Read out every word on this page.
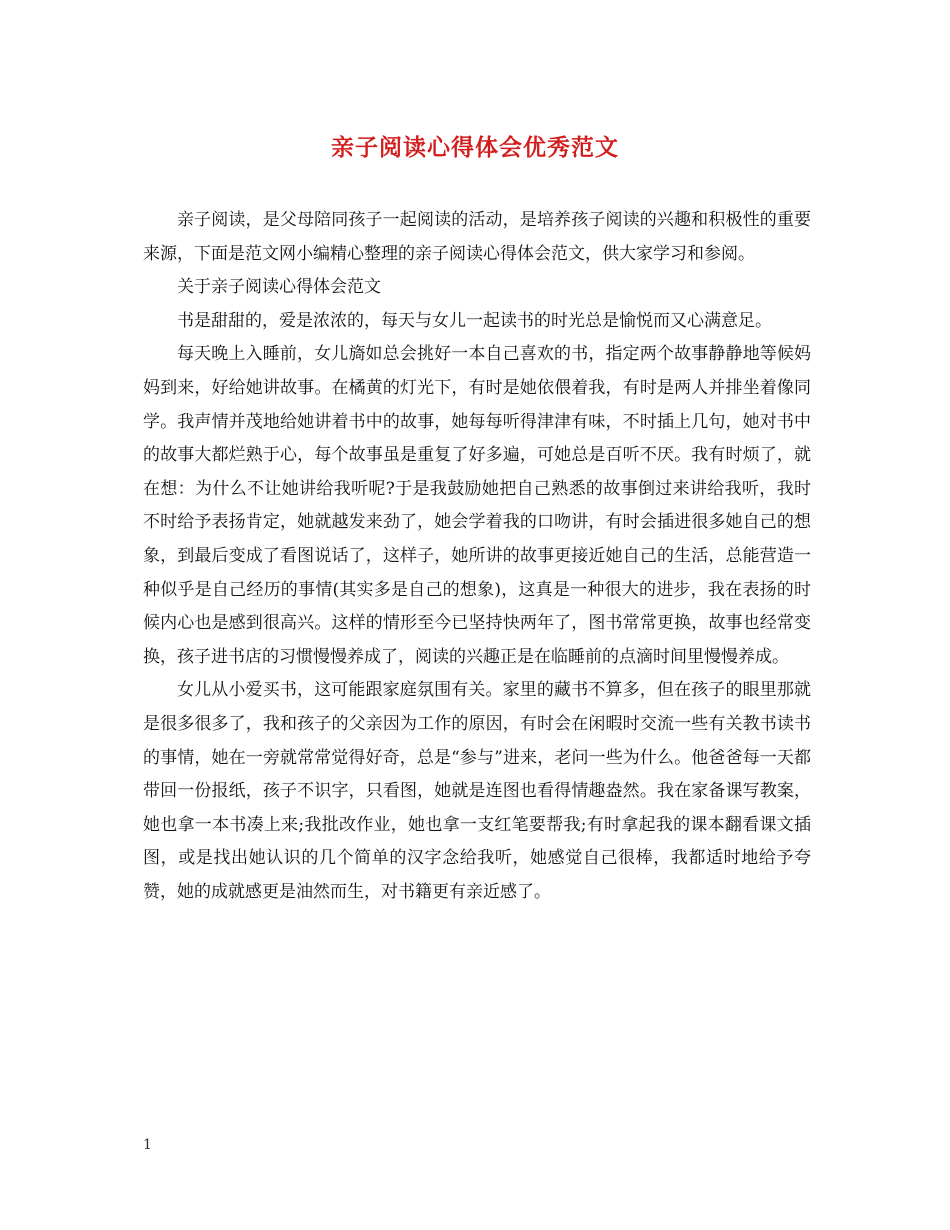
亲子阅读心得体会优秀范文

亲子阅读，是父母陪同孩子一起阅读的活动，是培养孩子阅读的兴趣和积极性的重要来源，下面是范文网小编精心整理的亲子阅读心得体会范文，供大家学习和参阅。

关于亲子阅读心得体会范文

书是甜甜的，爱是浓浓的，每天与女儿一起读书的时光总是愉悦而又心满意足。

每天晚上入睡前，女儿旖如总会挑好一本自己喜欢的书，指定两个故事静静地等候妈妈到来，好给她讲故事。在橘黄的灯光下，有时是她依偎着我，有时是两人并排坐着像同学。我声情并茂地给她讲着书中的故事，她每每听得津津有味，不时插上几句，她对书中的故事大都烂熟于心，每个故事虽是重复了好多遍，可她总是百听不厌。我有时烦了，就在想：为什么不让她讲给我听呢?于是我鼓励她把自己熟悉的故事倒过来讲给我听，我时不时给予表扬肯定，她就越发来劲了，她会学着我的口吻讲，有时会插进很多她自己的想象，到最后变成了看图说话了，这样子，她所讲的故事更接近她自己的生活，总能营造一种似乎是自己经历的事情(其实多是自己的想象)，这真是一种很大的进步，我在表扬的时候内心也是感到很高兴。这样的情形至今已坚持快两年了，图书常常更换，故事也经常变换，孩子进书店的习惯慢慢养成了，阅读的兴趣正是在临睡前的点滴时间里慢慢养成。

女儿从小爱买书，这可能跟家庭氛围有关。家里的藏书不算多，但在孩子的眼里那就是很多很多了，我和孩子的父亲因为工作的原因，有时会在闲暇时交流一些有关教书读书的事情，她在一旁就常常觉得好奇，总是“参与”进来，老问一些为什么。他爸爸每一天都带回一份报纸，孩子不识字，只看图，她就是连图也看得情趣盎然。我在家备课写教案，她也拿一本书凑上来;我批改作业，她也拿一支红笔要帮我;有时拿起我的课本翻看课文插图，或是找出她认识的几个简单的汉字念给我听，她感觉自己很棒，我都适时地给予夸赞，她的成就感更是油然而生，对书籍更有亲近感了。

1
